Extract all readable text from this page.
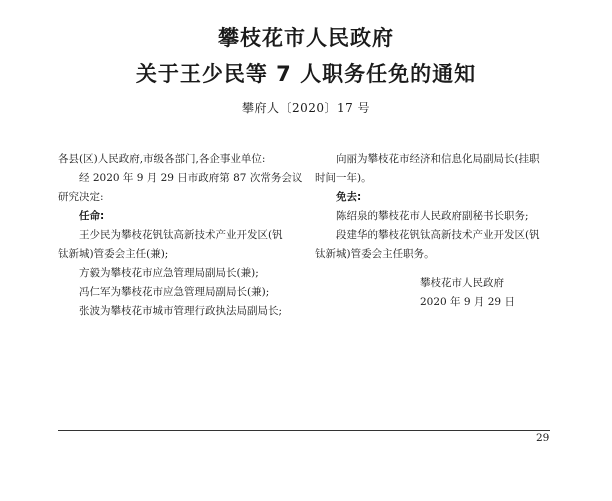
攀枝花市人民政府
关于王少民等 7 人职务任免的通知
攀府人〔2020〕17 号

各县(区)人民政府,市级各部门,各企事业单位:

经 2020 年 9 月 29 日市政府第 87 次常务会议

研究决定:

任命:

王少民为攀枝花钒钛高新技术产业开发区(钒

钛新城)管委会主任(兼);

方毅为攀枝花市应急管理局副局长(兼);

冯仁军为攀枝花市应急管理局副局长(兼);

张波为攀枝花市城市管理行政执法局副局长;

向丽为攀枝花市经济和信息化局副局长(挂职

时间一年)。

免去:

陈绍泉的攀枝花市人民政府副秘书长职务;

段建华的攀枝花钒钛高新技术产业开发区(钒

钛新城)管委会主任职务。

攀枝花市人民政府
2020 年 9 月 29 日
29
